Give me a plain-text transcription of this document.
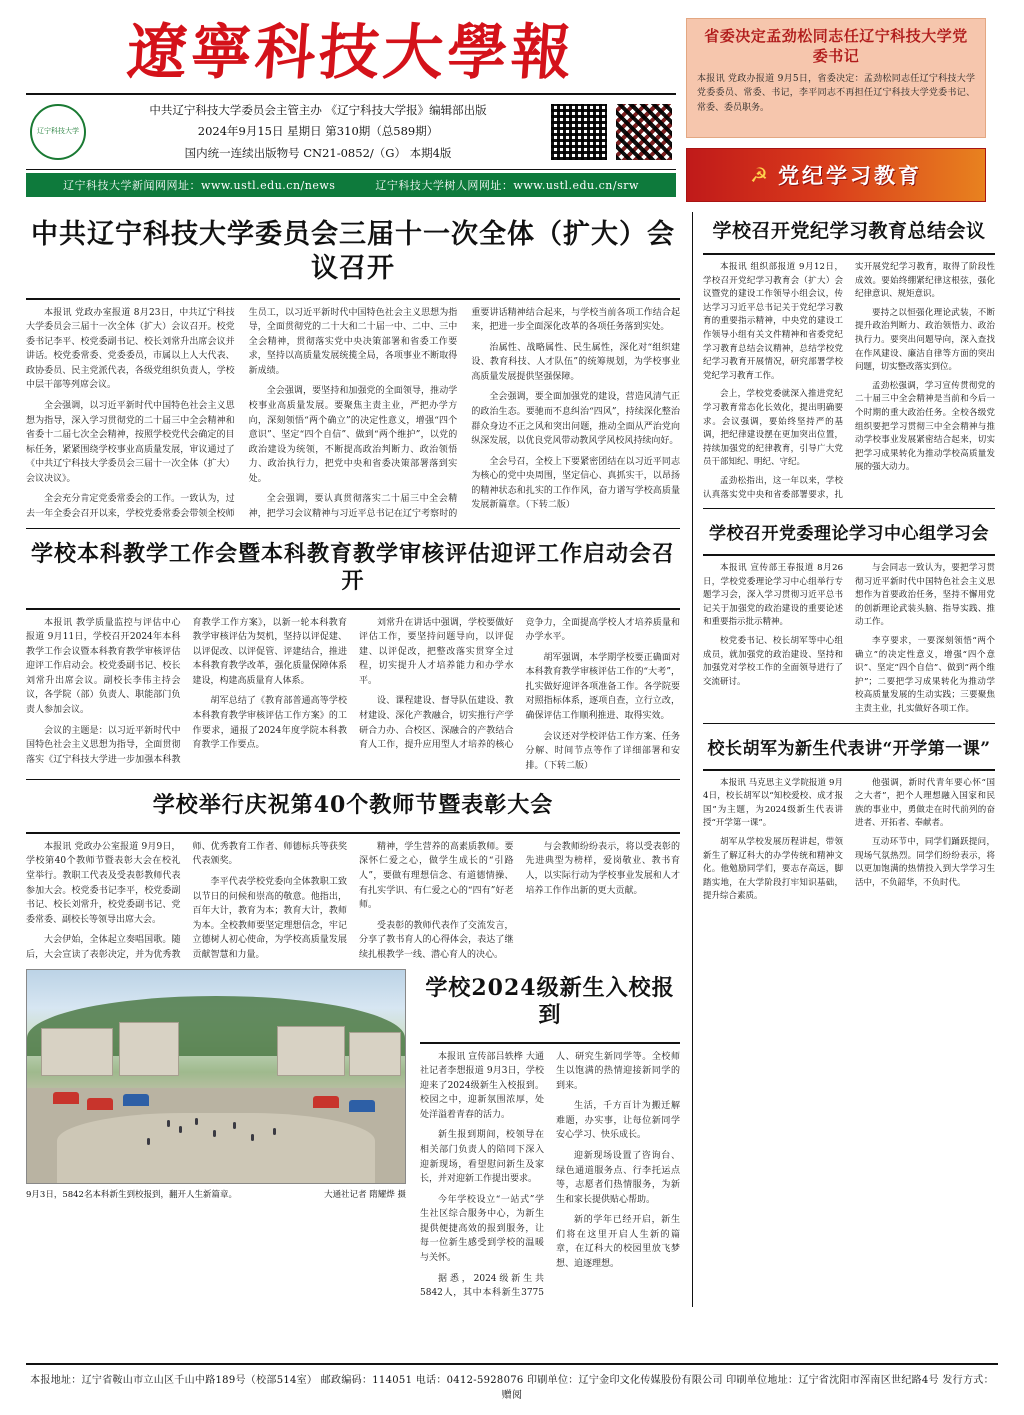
遼寧科技大學報
辽宁科技大学
中共辽宁科技大学委员会主管主办 《辽宁科技大学报》编辑部出版
2024年9月15日 星期日 第310期（总589期）
国内统一连续出版物号 CN21-0852/（G） 本期4版
辽宁科技大学新闻网网址：www.ustl.edu.cn/news	辽宁科技大学树人网网址：www.ustl.edu.cn/srw
省委决定孟劲松同志任辽宁科技大学党委书记

本报讯 党政办报道 9月5日，省委决定：孟劲松同志任辽宁科技大学党委委员、常委、书记，李平同志不再担任辽宁科技大学党委书记、常委、委员职务。

☭ 党纪学习教育
中共辽宁科技大学委员会三届十一次全体（扩大）会议召开

本报讯 党政办室报道 8月23日，中共辽宁科技大学委员会三届十一次全体（扩大）会议召开。校党委书记李平、校党委副书记、校长刘常升出席会议并讲话。校党委常委、党委委员，市属以上人大代表、政协委员、民主党派代表，各级党组织负责人，学校中层干部等列席会议。

全会强调，以习近平新时代中国特色社会主义思想为指导，深入学习贯彻党的二十届三中全会精神和省委十二届七次全会精神，按照学校党代会确定的目标任务，紧紧围绕学校事业高质量发展，审议通过了《中共辽宁科技大学委员会三届十一次全体（扩大）会议决议》。

全会充分肯定党委常委会的工作。一致认为，过去一年全委会召开以来，学校党委常委会带领全校师生员工，以习近平新时代中国特色社会主义思想为指导，全面贯彻党的二十大和二十届一中、二中、三中全会精神，贯彻落实党中央决策部署和省委工作要求，坚持以高质量发展统揽全局，各项事业不断取得新成绩。

全会强调，要坚持和加强党的全面领导，推动学校事业高质量发展。要聚焦主责主业，严把办学方向，深刻领悟“两个确立”的决定性意义，增强“四个意识”、坚定“四个自信”、做到“两个维护”，以党的政治建设为统领，不断提高政治判断力、政治领悟力、政治执行力，把党中央和省委决策部署落到实处。

全会强调，要认真贯彻落实二十届三中全会精神，把学习会议精神与习近平总书记在辽宁考察时的重要讲话精神结合起来，与学校当前各项工作结合起来，把进一步全面深化改革的各项任务落到实处。

治属性、战略属性、民生属性，深化对“组织建设、教育科技、人才队伍”的统筹规划，为学校事业高质量发展提供坚强保障。

全会强调，要全面加强党的建设，营造风清气正的政治生态。要驰而不息纠治“四风”，持续深化整治群众身边不正之风和突出问题，推动全面从严治党向纵深发展，以优良党风带动教风学风校风持续向好。

全会号召，全校上下要紧密团结在以习近平同志为核心的党中央周围，坚定信心、真抓实干，以昂扬的精神状态和扎实的工作作风，奋力谱写学校高质量发展新篇章。（下转二版）

学校本科教学工作会暨本科教育教学审核评估迎评工作启动会召开

本报讯 教学质量监控与评估中心报道 9月11日，学校召开2024年本科教学工作会议暨本科教育教学审核评估迎评工作启动会。校党委副书记、校长刘常升出席会议。副校长李伟主持会议，各学院（部）负责人、职能部门负责人参加会议。

会议的主题是：以习近平新时代中国特色社会主义思想为指导，全面贯彻落实《辽宁科技大学进一步加强本科教育教学工作方案》，以新一轮本科教育教学审核评估为契机，坚持以评促建、以评促改、以评促管、评建结合，推进本科教育教学改革，强化质量保障体系建设，构建高质量育人体系。

胡军总结了《教育部普通高等学校本科教育教学审核评估工作方案》的工作要求，通报了2024年度学院本科教育教学工作要点。

刘常升在讲话中强调，学校要做好评估工作，要坚持问题导向，以评促建、以评促改，把整改落实贯穿全过程，切实提升人才培养能力和办学水平。

设、课程建设、督导队伍建设、教材建设、深化产教融合，切实推行产学研合力办、合校区、深融合的产教结合育人工作，提升应用型人才培养的核心竞争力，全面提高学校人才培养质量和办学水平。

胡军强调，本学期学校要正确面对本科教育教学审核评估工作的“大考”，扎实做好迎评各项准备工作。各学院要对照指标体系，逐项自查，立行立改，确保评估工作顺利推进、取得实效。

会议还对学校评估工作方案、任务分解、时间节点等作了详细部署和安排。（下转二版）

学校举行庆祝第40个教师节暨表彰大会

本报讯 党政办公室报道 9月9日，学校第40个教师节暨表彰大会在校礼堂举行。教职工代表及受表彰教师代表参加大会。校党委书记李平，校党委副书记、校长刘常升，校党委副书记、党委常委、副校长等领导出席大会。

大会伊始，全体起立奏唱国歌。随后，大会宣读了表彰决定，并为优秀教师、优秀教育工作者、师德标兵等获奖代表颁奖。

李平代表学校党委向全体教职工致以节日的问候和崇高的敬意。他指出，百年大计，教育为本；教育大计，教师为本。全校教师要坚定理想信念，牢记立德树人初心使命，为学校高质量发展贡献智慧和力量。

精神，学生营养的高素质教师。要深怀仁爱之心，做学生成长的“引路人”，要做有理想信念、有道德情操、有扎实学识、有仁爱之心的“四有”好老师。

受表彰的教师代表作了交流发言，分享了教书育人的心得体会，表达了继续扎根教学一线、潜心育人的决心。

与会教师纷纷表示，将以受表彰的先进典型为榜样，爱岗敬业、教书育人，以实际行动为学校事业发展和人才培养工作作出新的更大贡献。

9月3日，5842名本科新生到校报到，翻开人生新篇章。	大通社记者 隋耀烨 摄
学校2024级新生入校报到

本报讯 宣传部吕轶桦 大通社记者李想报道 9月3日，学校迎来了2024级新生入校报到。校园之中，迎新氛围浓厚，处处洋溢着青春的活力。

新生报到期间，校领导在相关部门负责人的陪同下深入迎新现场，看望慰问新生及家长，并对迎新工作提出要求。

今年学校设立“一站式”学生社区综合服务中心，为新生提供便捷高效的报到服务，让每一位新生感受到学校的温暖与关怀。

据悉，2024级新生共5842人，其中本科新生3775人、研究生新同学等。全校师生以饱满的热情迎接新同学的到来。

生活，千方百计为搬迁解难题，办实事，让每位新同学安心学习、快乐成长。

迎新现场设置了咨询台、绿色通道服务点、行李托运点等，志愿者们热情服务，为新生和家长提供贴心帮助。

新的学年已经开启，新生们将在这里开启人生新的篇章，在辽科大的校园里放飞梦想、追逐理想。

学校召开党纪学习教育总结会议

本报讯 组织部报道 9月12日，学校召开党纪学习教育会（扩大）会议暨党的建设工作领导小组会议，传达学习习近平总书记关于党纪学习教育的重要指示精神，中央党的建设工作领导小组有关文件精神和省委党纪学习教育总结会议精神，总结学校党纪学习教育开展情况，研究部署学校党纪学习教育工作。

会上，学校党委就深入推进党纪学习教育常态化长效化，提出明确要求。会议强调，要始终坚持严的基调，把纪律建设摆在更加突出位置，持续加强党的纪律教育，引导广大党员干部知纪、明纪、守纪。

孟劲松指出，这一年以来，学校认真落实党中央和省委部署要求，扎实开展党纪学习教育，取得了阶段性成效。要始终绷紧纪律这根弦，强化纪律意识、规矩意识。

要持之以恒强化理论武装，不断提升政治判断力、政治领悟力、政治执行力。要突出问题导向，深入查找在作风建设、廉洁自律等方面的突出问题，切实整改落实到位。

孟劲松强调，学习宣传贯彻党的二十届三中全会精神是当前和今后一个时期的重大政治任务。全校各级党组织要把学习贯彻三中全会精神与推动学校事业发展紧密结合起来，切实把学习成果转化为推动学校高质量发展的强大动力。

学校召开党委理论学习中心组学习会

本报讯 宣传部王春报道 8月26日，学校党委理论学习中心组举行专题学习会，深入学习贯彻习近平总书记关于加强党的政治建设的重要论述和重要指示批示精神。

校党委书记、校长胡军等中心组成员，就加强党的政治建设、坚持和加强党对学校工作的全面领导进行了交流研讨。

与会同志一致认为，要把学习贯彻习近平新时代中国特色社会主义思想作为首要政治任务，坚持不懈用党的创新理论武装头脑、指导实践、推动工作。

李亨要求，一要深刻领悟“两个确立”的决定性意义，增强“四个意识”、坚定“四个自信”、做到“两个维护”；二要把学习成果转化为推动学校高质量发展的生动实践；三要聚焦主责主业，扎实做好各项工作。

校长胡军为新生代表讲“开学第一课”

本报讯 马克思主义学院报道 9月4日，校长胡军以“知校爱校、成才报国”为主题，为2024级新生代表讲授“开学第一课”。

胡军从学校发展历程讲起，带领新生了解辽科大的办学传统和精神文化。他勉励同学们，要志存高远，脚踏实地，在大学阶段打牢知识基础，提升综合素质。

他强调，新时代青年要心怀“国之大者”，把个人理想融入国家和民族的事业中，勇做走在时代前列的奋进者、开拓者、奉献者。

互动环节中，同学们踊跃提问，现场气氛热烈。同学们纷纷表示，将以更加饱满的热情投入到大学学习生活中，不负韶华，不负时代。

本报地址：辽宁省鞍山市立山区千山中路189号（校部514室） 邮政编码：114051 电话：0412-5928076 印刷单位：辽宁金印文化传媒股份有限公司 印刷单位地址：辽宁省沈阳市浑南区世纪路4号 发行方式：赠阅
